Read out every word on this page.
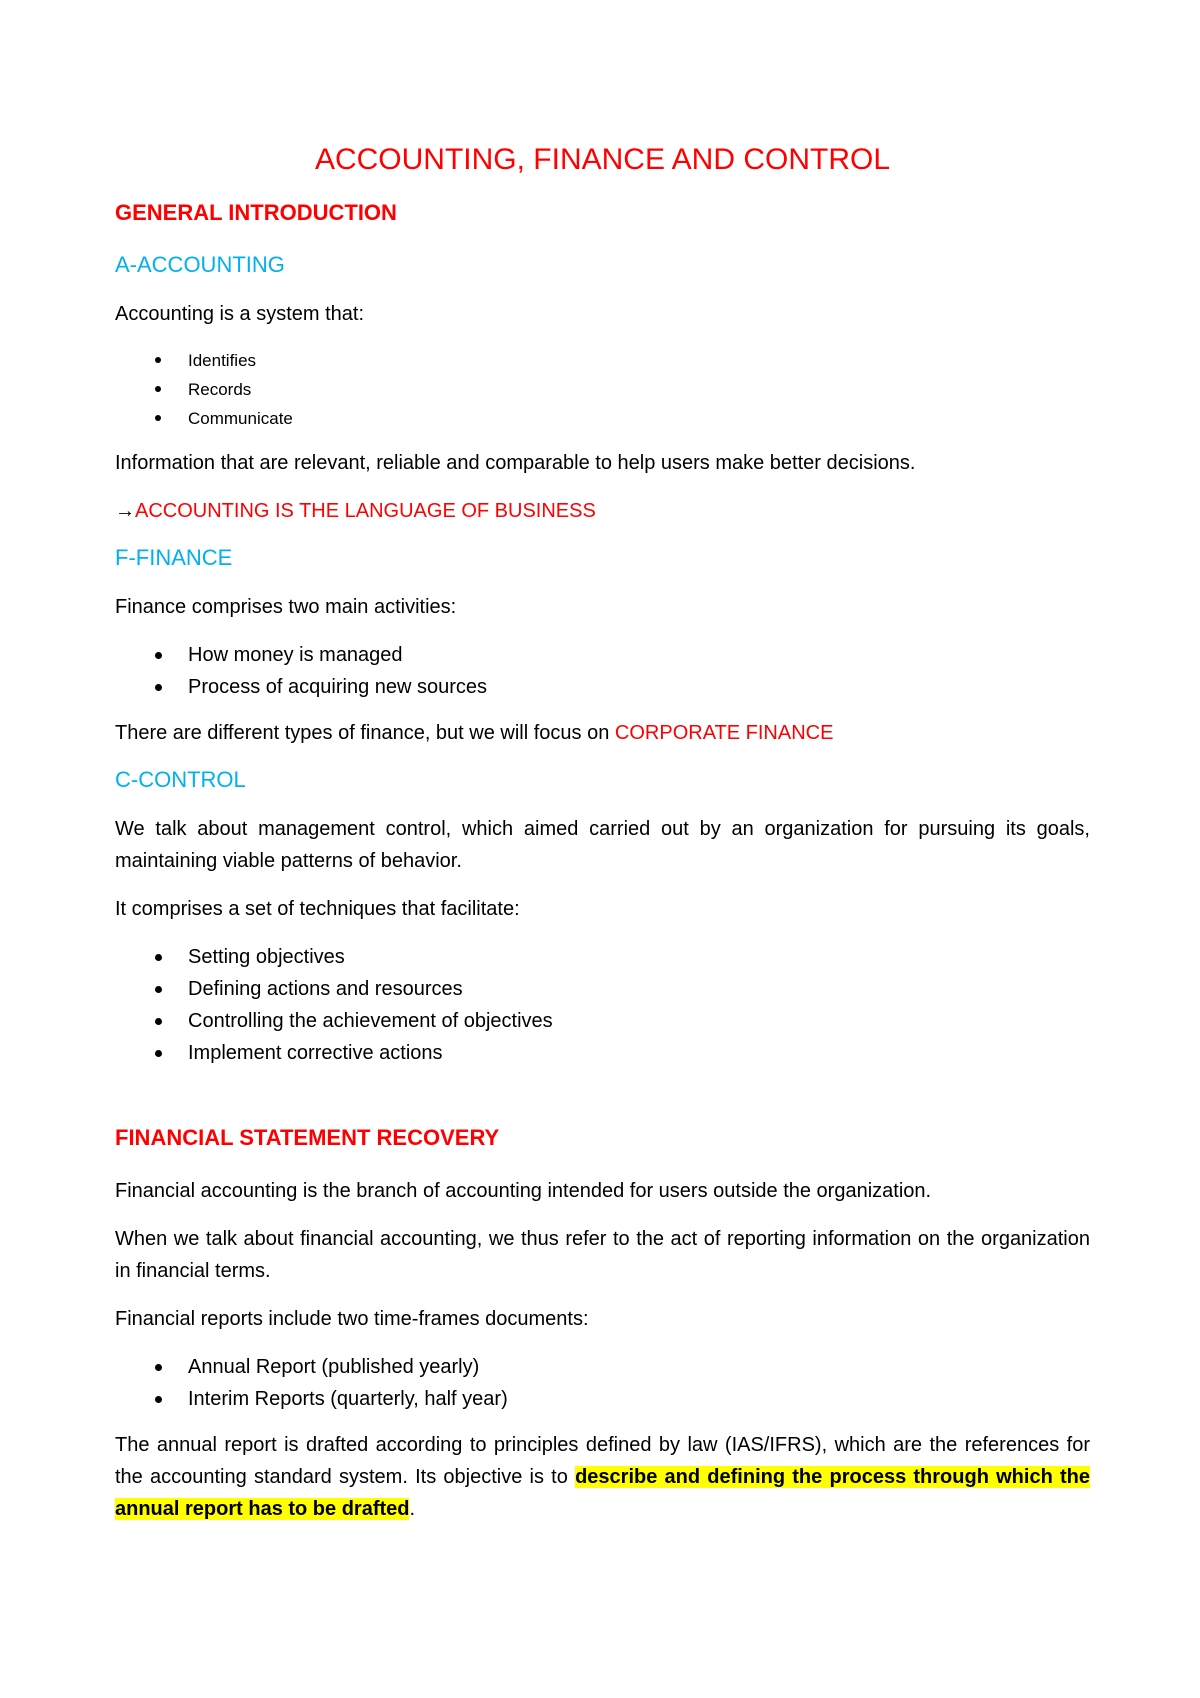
ACCOUNTING, FINANCE AND CONTROL
GENERAL INTRODUCTION
A-ACCOUNTING

Accounting is a system that:

Identifies
Records
Communicate

Information that are relevant, reliable and comparable to help users make better decisions.

→ACCOUNTING IS THE LANGUAGE OF BUSINESS
F-FINANCE

Finance comprises two main activities:

How money is managed
Process of acquiring new sources

There are different types of finance, but we will focus on CORPORATE FINANCE

C-CONTROL

We talk about management control, which aimed carried out by an organization for pursuing its goals, maintaining viable patterns of behavior.

It comprises a set of techniques that facilitate:

Setting objectives
Defining actions and resources
Controlling the achievement of objectives
Implement corrective actions
FINANCIAL STATEMENT RECOVERY

Financial accounting is the branch of accounting intended for users outside the organization.

When we talk about financial accounting, we thus refer to the act of reporting information on the organization in financial terms.

Financial reports include two time-frames documents:

Annual Report (published yearly)
Interim Reports (quarterly, half year)

The annual report is drafted according to principles defined by law (IAS/IFRS), which are the references for the accounting standard system. Its objective is to describe and defining the process through which the annual report has to be drafted.
